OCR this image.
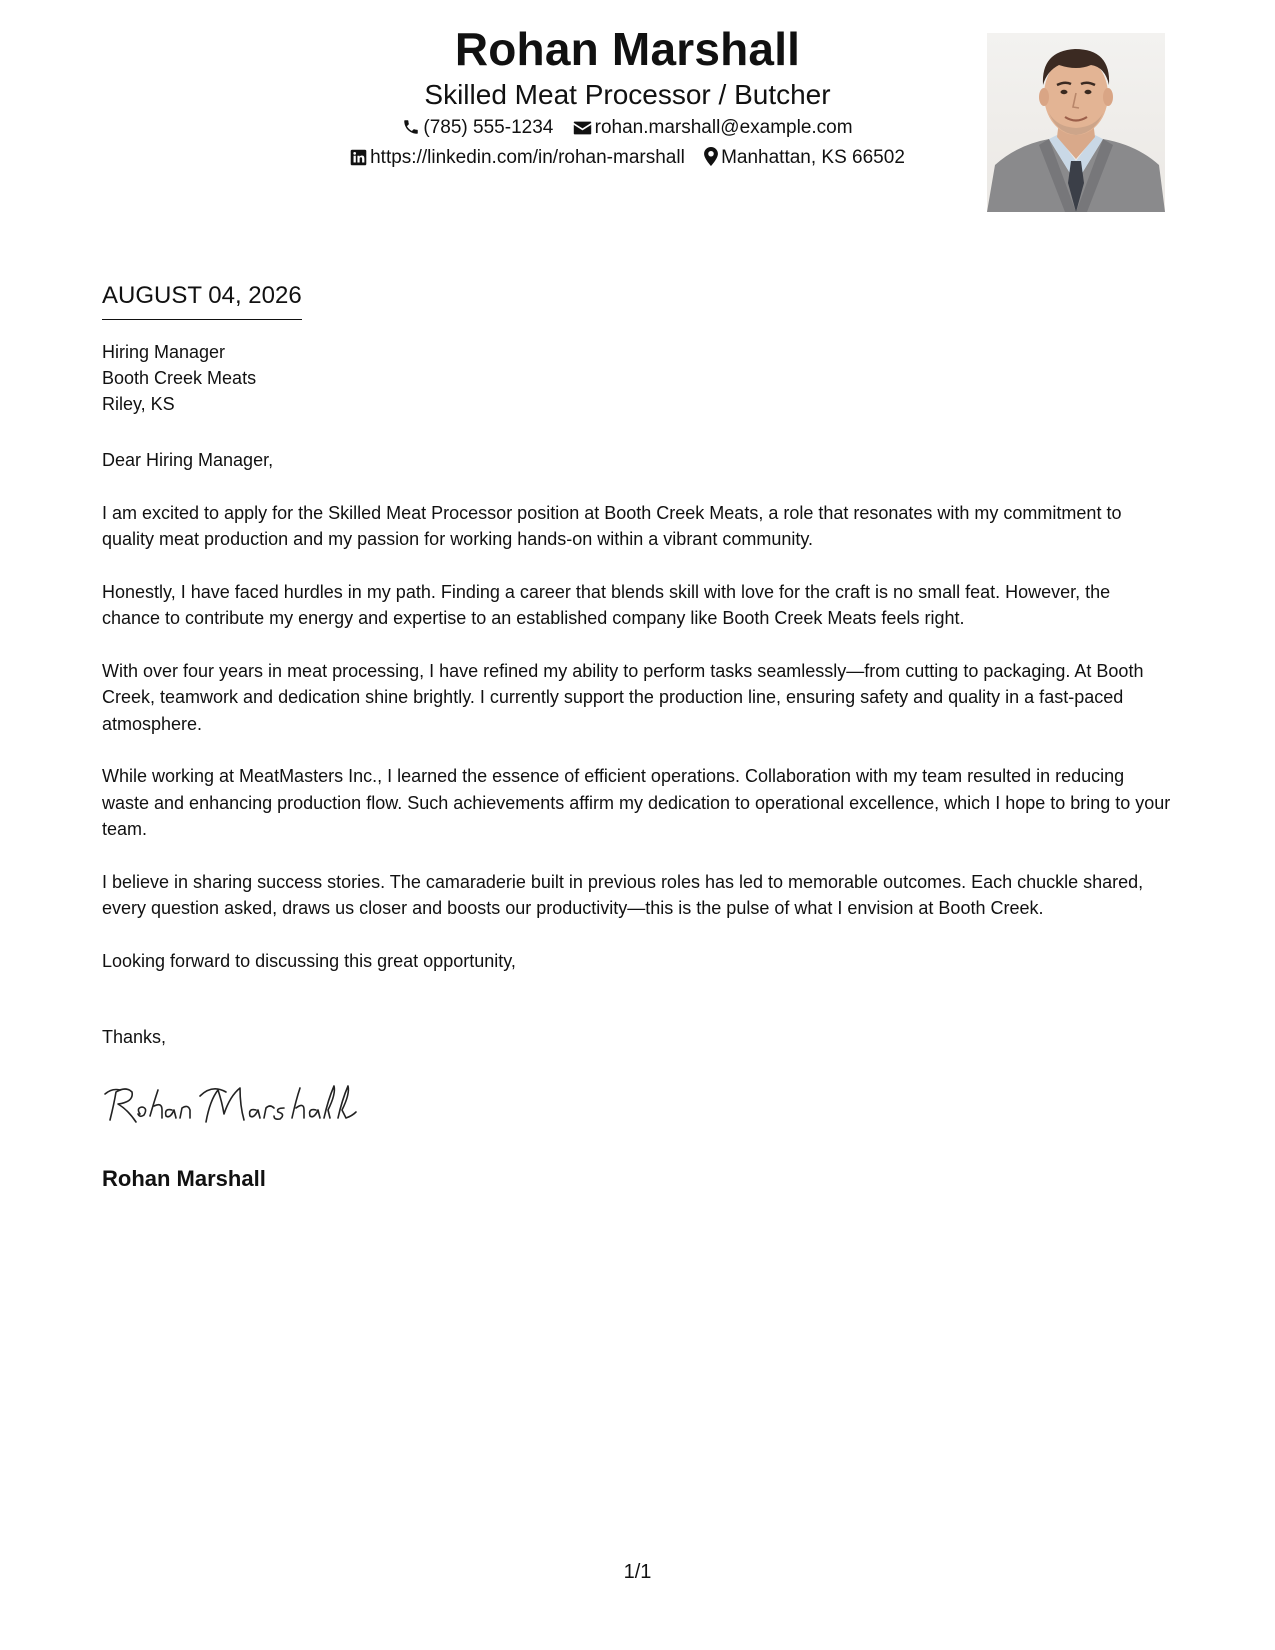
Rohan Marshall
Skilled Meat Processor / Butcher
(785) 555-1234 rohan.marshall@example.com
https://linkedin.com/in/rohan-marshall Manhattan, KS 66502
AUGUST 04, 2026
Hiring Manager
Booth Creek Meats
Riley, KS

Dear Hiring Manager,

I am excited to apply for the Skilled Meat Processor position at Booth Creek Meats, a role that resonates with my commitment to quality meat production and my passion for working hands-on within a vibrant community.

Honestly, I have faced hurdles in my path. Finding a career that blends skill with love for the craft is no small feat. However, the chance to contribute my energy and expertise to an established company like Booth Creek Meats feels right.

With over four years in meat processing, I have refined my ability to perform tasks seamlessly—from cutting to packaging. At Booth Creek, teamwork and dedication shine brightly. I currently support the production line, ensuring safety and quality in a fast-paced atmosphere.

While working at MeatMasters Inc., I learned the essence of efficient operations. Collaboration with my team resulted in reducing waste and enhancing production flow. Such achievements affirm my dedication to operational excellence, which I hope to bring to your team.

I believe in sharing success stories. The camaraderie built in previous roles has led to memorable outcomes. Each chuckle shared, every question asked, draws us closer and boosts our productivity—this is the pulse of what I envision at Booth Creek.

Looking forward to discussing this great opportunity,

Thanks,
Rohan Marshall
1/1
